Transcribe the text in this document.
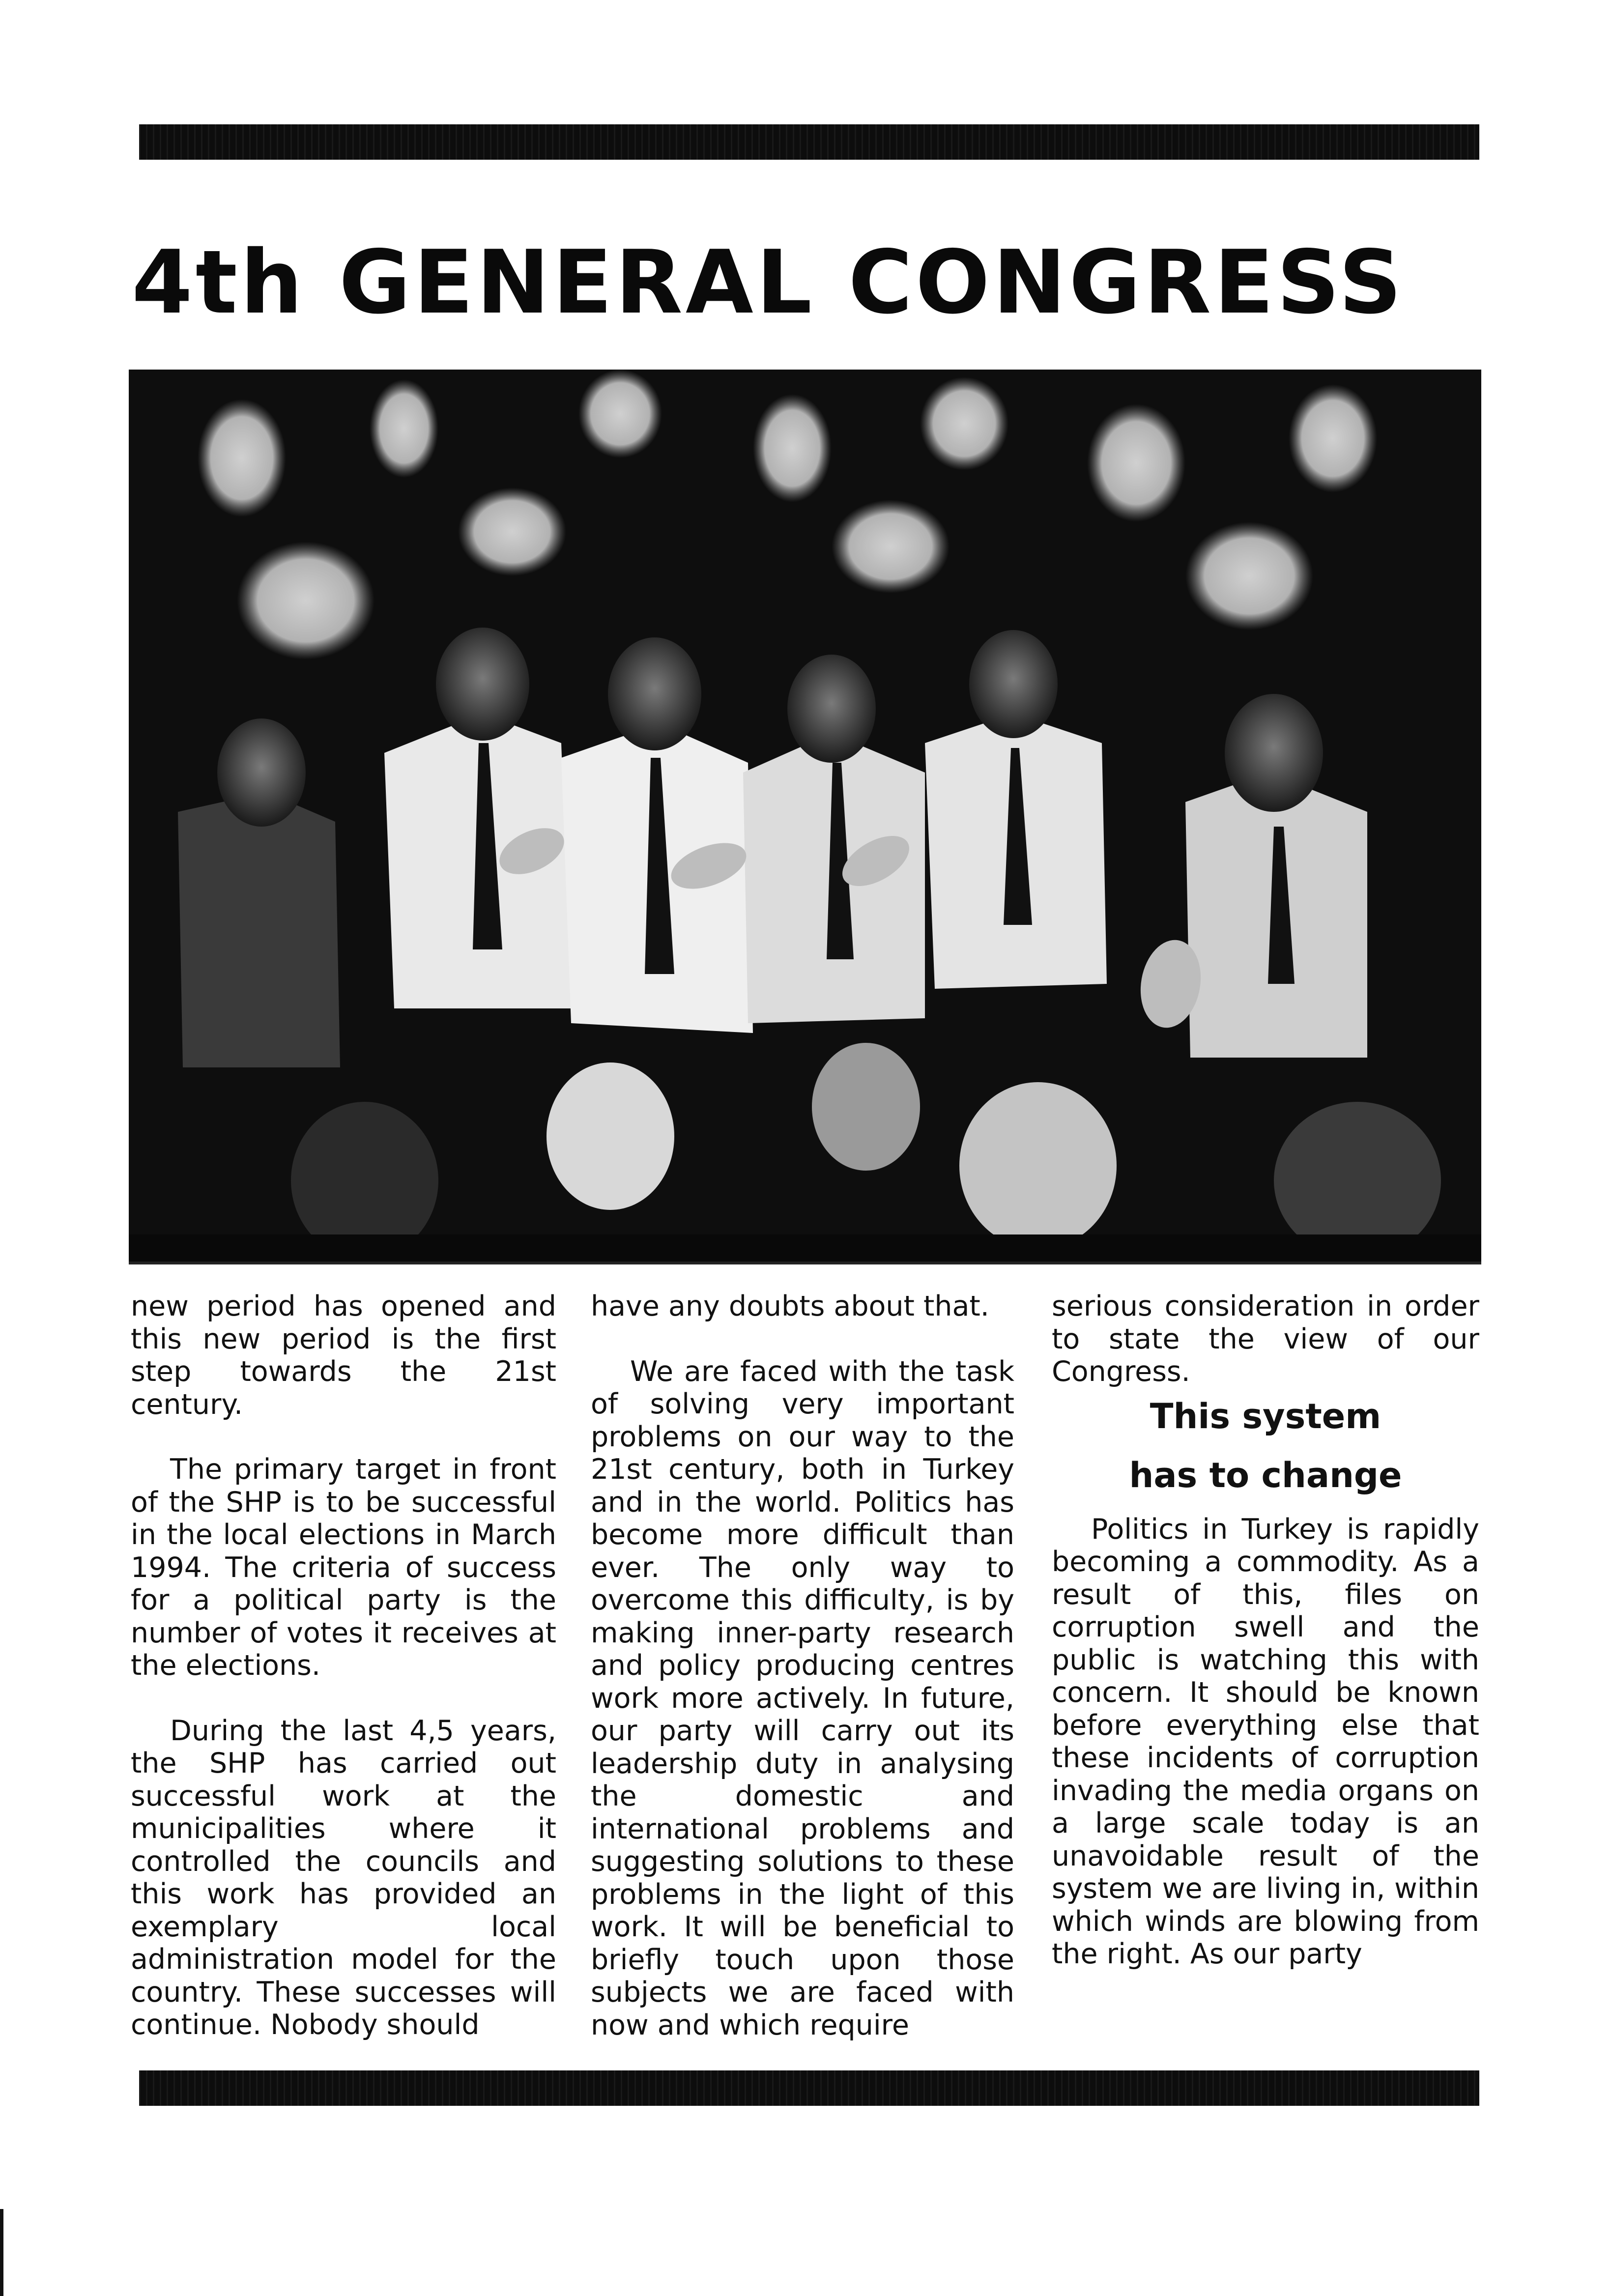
4th GENERAL CONGRESS

new period has opened and this new period is the first step towards the 21st century.

The primary target in front of the SHP is to be successful in the local elections in March 1994. The criteria of success for a political party is the number of votes it receives at the elections.

During the last 4,5 years, the SHP has carried out successful work at the municipalities where it controlled the councils and this work has provided an exemplary local administration model for the country. These successes will continue. Nobody should

have any doubts about that.

We are faced with the task of solving very important problems on our way to the 21st century, both in Turkey and in the world. Politics has become more difficult than ever. The only way to overcome this difficulty, is by making inner-party research and policy producing centres work more actively. In future, our party will carry out its leadership duty in analysing the domestic and international problems and suggesting solutions to these problems in the light of this work. It will be beneficial to briefly touch upon those subjects we are faced with now and which require

serious consideration in order to state the view of our Congress.

This system

has to change

Politics in Turkey is rapidly becoming a commodity. As a result of this, files on corruption swell and the public is watching this with concern. It should be known before everything else that these incidents of corruption invading the media organs on a large scale today is an unavoidable result of the system we are living in, within which winds are blowing from the right. As our party
